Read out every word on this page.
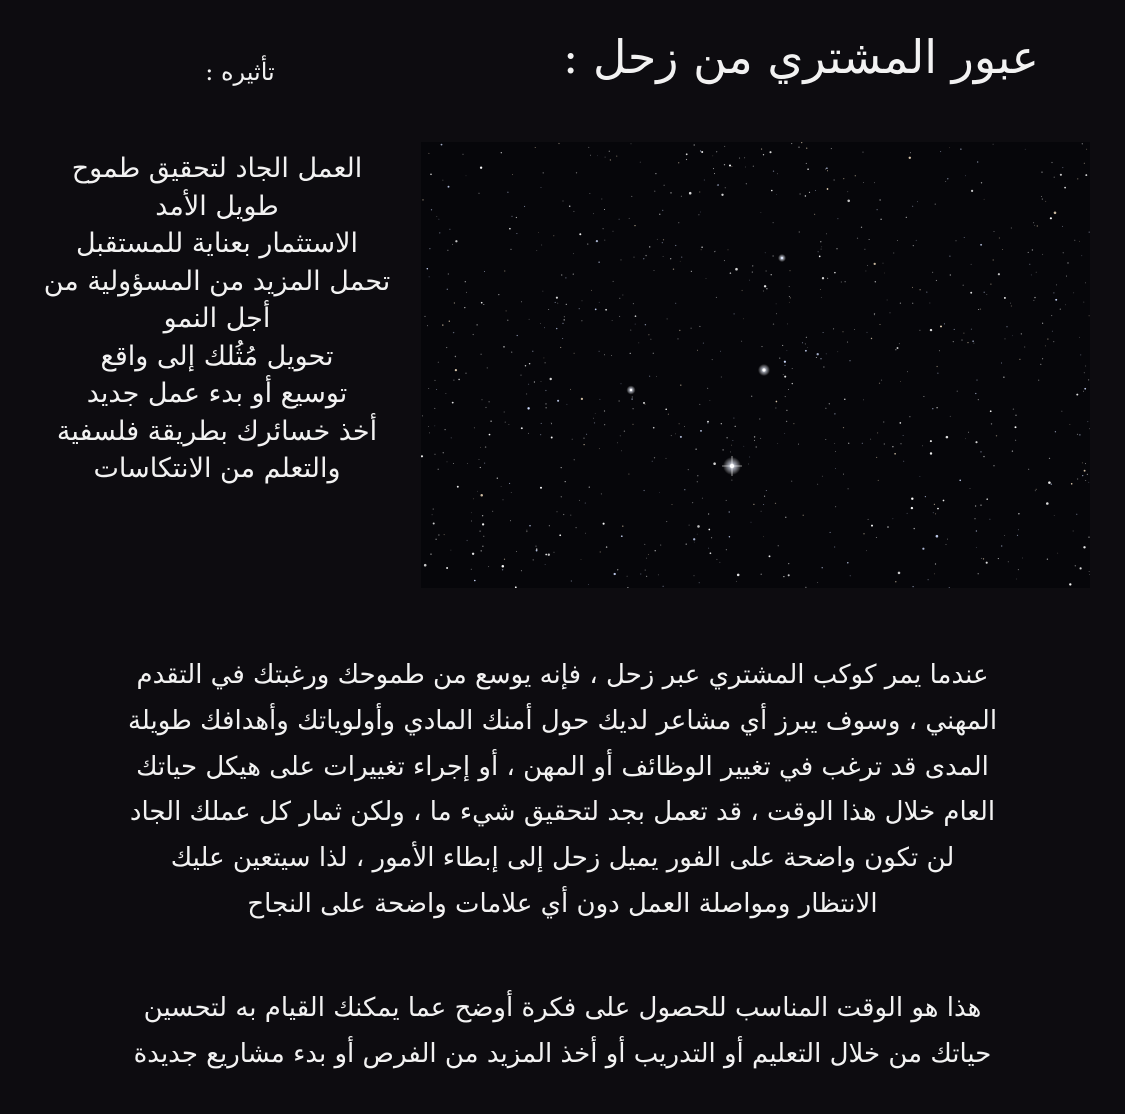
عبور المشتري من زحل :
تأثيره :
العمل الجاد لتحقيق طموح
طويل الأمد
الاستثمار بعناية للمستقبل
تحمل المزيد من المسؤولية من
أجل النمو
تحويل مُثُلك إلى واقع
توسيع أو بدء عمل جديد
أخذ خسائرك بطريقة فلسفية
والتعلم من الانتكاسات
عندما يمر كوكب المشتري عبر زحل ، فإنه يوسع من طموحك ورغبتك في التقدم
المهني ، وسوف يبرز أي مشاعر لديك حول أمنك المادي وأولوياتك وأهدافك طويلة
المدى قد ترغب في تغيير الوظائف أو المهن ، أو إجراء تغييرات على هيكل حياتك
العام خلال هذا الوقت ، قد تعمل بجد لتحقيق شيء ما ، ولكن ثمار كل عملك الجاد
لن تكون واضحة على الفور يميل زحل إلى إبطاء الأمور ، لذا سيتعين عليك
الانتظار ومواصلة العمل دون أي علامات واضحة على النجاح
هذا هو الوقت المناسب للحصول على فكرة أوضح عما يمكنك القيام به لتحسين
حياتك من خلال التعليم أو التدريب أو أخذ المزيد من الفرص أو بدء مشاريع جديدة
